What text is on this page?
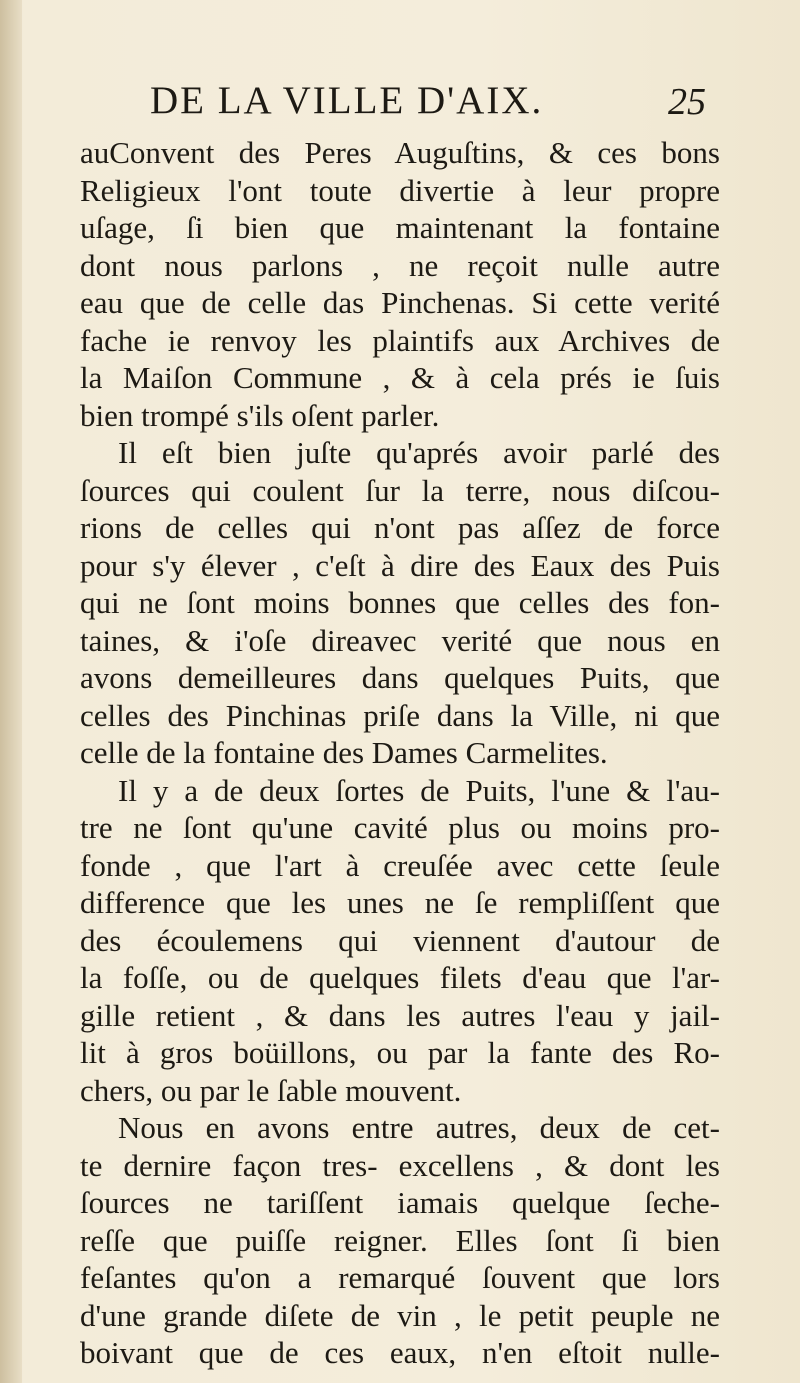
DE LA VILLE D'AIX.	25
auConvent des Peres Auguſtins, & ces bons
Religieux l'ont toute divertie à leur propre
uſage, ſi bien que maintenant la fontaine
dont nous parlons , ne reçoit nulle autre
eau que de celle das Pinchenas. Si cette verité
fache ie renvoy les plaintifs aux Archives de
la Maiſon Commune , & à cela prés ie ſuis
bien trompé s'ils oſent parler.
Il eſt bien juſte qu'aprés avoir parlé des
ſources qui coulent ſur la terre, nous diſcou-
rions de celles qui n'ont pas aſſez de force
pour s'y élever , c'eſt à dire des Eaux des Puis
qui ne ſont moins bonnes que celles des fon-
taines, & i'oſe direavec verité que nous en
avons demeilleures dans quelques Puits, que
celles des Pinchinas priſe dans la Ville, ni que
celle de la fontaine des Dames Carmelites.
Il y a de deux ſortes de Puits, l'une & l'au-
tre ne ſont qu'une cavité plus ou moins pro-
fonde , que l'art à creuſée avec cette ſeule
difference que les unes ne ſe rempliſſent que
des écoulemens qui viennent d'autour de
la foſſe, ou de quelques filets d'eau que l'ar-
gille retient , & dans les autres l'eau y jail-
lit à gros boüillons, ou par la fante des Ro-
chers, ou par le ſable mouvent.
Nous en avons entre autres, deux de cet-
te dernire façon tres- excellens , & dont les
ſources ne tariſſent iamais quelque ſeche-
reſſe que puiſſe reigner. Elles ſont ſi bien
feſantes qu'on a remarqué ſouvent que lors
d'une grande diſete de vin , le petit peuple ne
boivant que de ces eaux, n'en eſtoit nulle-
